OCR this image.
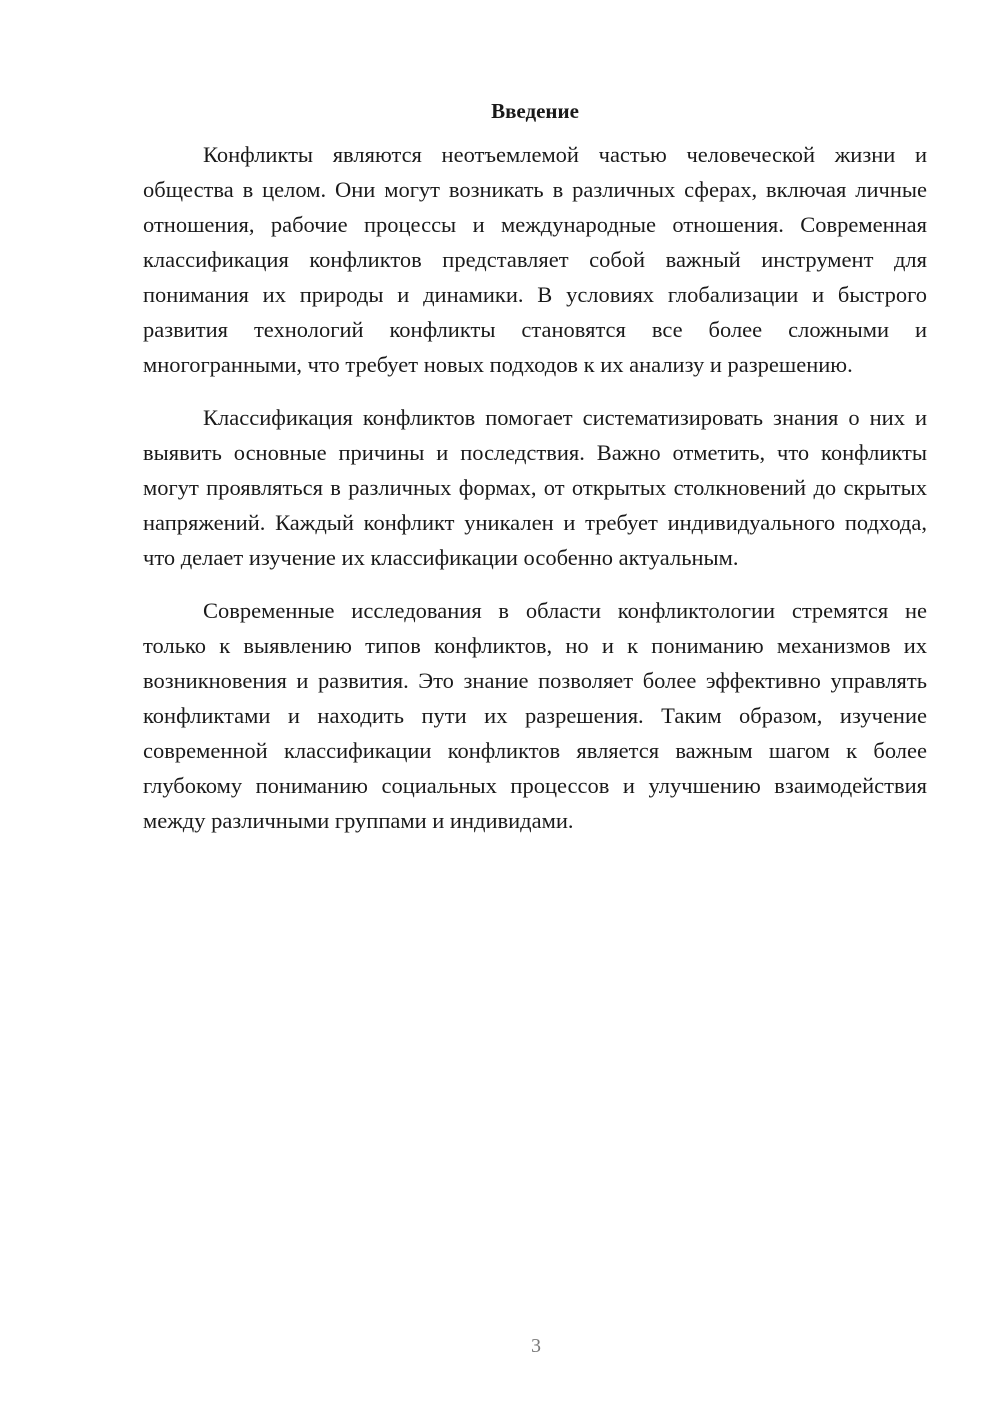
Введение

Конфликты являются неотъемлемой частью человеческой жизни и общества в целом. Они могут возникать в различных сферах, включая личные отношения, рабочие процессы и международные отношения. Современная классификация конфликтов представляет собой важный инструмент для понимания их природы и динамики. В условиях глобализации и быстрого развития технологий конфликты становятся все более сложными и многогранными, что требует новых подходов к их анализу и разрешению.

Классификация конфликтов помогает систематизировать знания о них и выявить основные причины и последствия. Важно отметить, что конфликты могут проявляться в различных формах, от открытых столкновений до скрытых напряжений. Каждый конфликт уникален и требует индивидуального подхода, что делает изучение их классификации особенно актуальным.

Современные исследования в области конфликтологии стремятся не только к выявлению типов конфликтов, но и к пониманию механизмов их возникновения и развития. Это знание позволяет более эффективно управлять конфликтами и находить пути их разрешения. Таким образом, изучение современной классификации конфликтов является важным шагом к более глубокому пониманию социальных процессов и улучшению взаимодействия между различными группами и индивидами.

3
